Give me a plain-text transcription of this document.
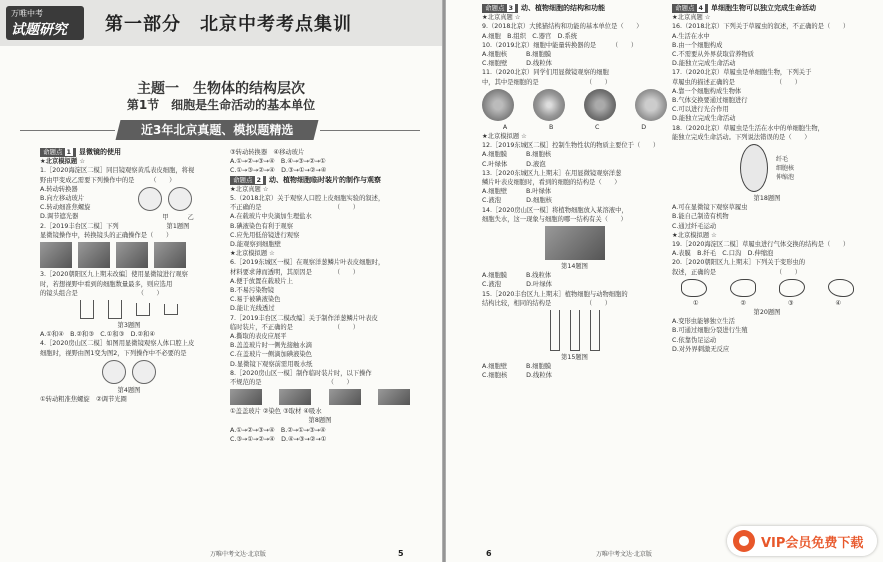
万唯中考
试题研究 第一部分　北京中考考点集训
主题一　生物体的结构层次
第1节　细胞是生命活动的基本单位
近3年北京真题、模拟题精选

命题点 1 显微镜的使用

★北京模拟题 ☆

1.［2020海淀区二模］同目镜观察黄瓜表皮细胞，将视

野由甲变成乙需要下列操作中的是　　　（　　）

A.转动转换器

B.向左移动玻片

C.转动细准焦螺旋

D.调节遮光器

2.［2019丰台区二模］下列

甲　　　	乙

第1题图

显微镜操作中，转换镜头的正确操作是（　　）

3.［2020朝阳区九上期末改编］使用显微镜进行观察

时，若想视野中看到的细胞数量最多，则应选用

的镜头组合是　　　　　　　　　　（　　）

第3题图

A.①和④　B.②和③　C.①和③　D.②和④

4.［2020房山区二模］如图用显微镜观察人体口腔上皮

细胞时，视野由图1变为图2，下列操作中不必要的是

第4题图

①转动粗准焦螺旋　②调节光圈

③转动转换器　④移动玻片

A.①→②→③→④　B.④→③→②→①

C.①→③→②→④　D.③→①→②→④

命题点 2 动、植物细胞临时装片的制作与观察

★北京真题 ☆

5.（2018北京）关于观察人口腔上皮细胞实验的叙述，

不正确的是　　　　　　　　　　　　（　　）

A.在载玻片中央滴加生理盐水

B.碘液染色有利于观察

C.应先用低倍镜进行观察

D.能观察到细胞壁

★北京模拟题 ☆

6.［2019东城区一模］在观察洋葱鳞片叶表皮细胞时，

材料要求薄而透明，其原因是　　　　（　　）

A.便于放置在载玻片上

B.不易污染物镜

C.易于被碘液染色

D.能让光线透过

7.［2019丰台区二模改编］关于制作洋葱鳞片叶表皮

临时装片，不正确的是　　　　　　　（　　）

A.撕取的表皮应展平

B.盖盖玻片时一侧先接触水滴

C.在盖玻片一侧滴加碘液染色

D.显微镜下观察前需用吸水纸

8.［2020房山区一模］制作临时装片时，以下操作

不规范的是　　　　　　　　　　　（　　）

①盖盖玻片 ②染色 ③取材 ④吸水

第8题图

A.①→②→③→④　B.②→①→③→④

C.③→①→②→④　D.④→③→②→①

万唯中考文达·北京版	5

命题点 3 动、植物细胞的结构和功能

★北京真题 ☆

9.（2018北京）大熊猫结构和功能的基本单位是（　　）

A.细胞　B.组织　C.器官　D.系统

10.（2019北京）细胞中能量转换器的是　　　（　　）

A.细胞核　　　B.细胞膜

C.细胞壁　　　D.线粒体

11.（2020北京）同学们用显微镜观察的细胞

中，其中是细胞的是　　　　　　　　（　　）

A	B	C	D

★北京模拟题 ☆

12.［2019东城区二模］控制生物性状的物质主要位于（　　）

A.细胞膜　　　B.细胞核

C.叶绿体　　　D.液泡

13.［2020东城区九上期末］在用显微镜观察洋葱

鳞片叶表皮细胞时，看到的细胞的结构是（　　）

A.细胞壁　　　B.叶绿体

C.液泡　　　　D.细胞核

14.［2020房山区一模］将植物细胞放入某溶液中，

细胞失水，这一现象与细胞的哪一结构有关（　　）

第14题图

A.细胞膜　　　B.线粒体

C.液泡　　　　D.叶绿体

15.［2020丰台区九上期末］植物细胞与动物细胞的

结构比较，相同的结构是　　　　　　（　　）

第15题图

A.细胞壁　　　B.细胞膜

C.细胞核　　　D.线粒体

命题点 4 单细胞生物可以独立完成生命活动

★北京真题 ☆

16.（2018北京）下列关于草履虫的叙述，不正确的是（　　）

A.生活在水中

B.由一个细胞构成

C.不需要从外界获取营养物质

D.能独立完成生命活动

17.（2020北京）草履虫是单细胞生物，下列关于

草履虫的描述正确的是　　　　　　　（　　）

A.靠一个细胞构成生物体

B.气体交换要通过细胞进行

C.可以进行光合作用

D.能独立完成生命活动

18.（2020北京）草履虫是生活在水中的单细胞生物，

能独立完成生命活动。下列说法错误的是（　　）

纤毛

细胞核

伸缩泡

第18题图

A.可在显微镜下观察草履虫

B.能自己制造有机物

C.通过纤毛运动

★北京模拟题 ☆

19.［2020海淀区二模］草履虫进行气体交换的结构是（　　）

A.表膜　B.纤毛　C.口沟　D.伸缩泡

20.［2020朝阳区九上期末］下列关于变形虫的

叙述，正确的是　　　　　　　　　　（　　）

①	②	③	④

第20题图

A.变形虫能够独立生活

B.可通过细胞分裂进行生殖

C.依靠伪足运动

D.对外界刺激无反应

6	万唯中考文达·北京版
VIP会员免费下载
